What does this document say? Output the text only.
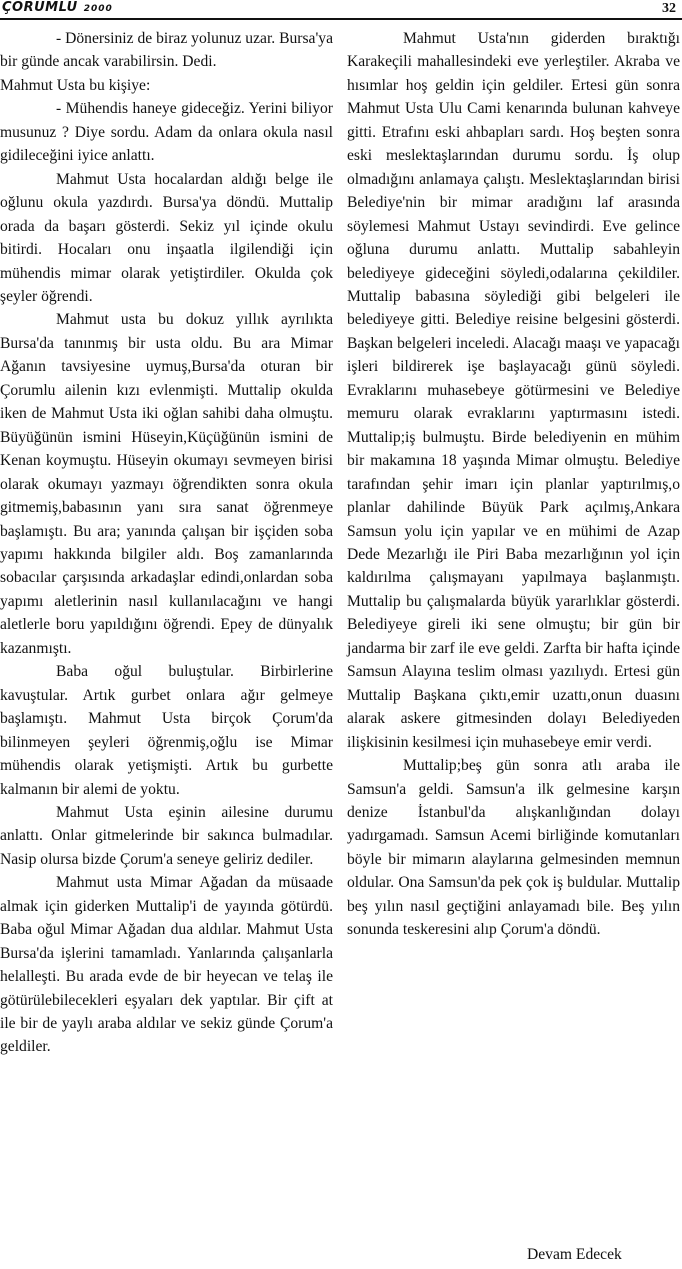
ÇORUMLU 2000	32

- Dönersiniz de biraz yolunuz uzar. Bursa'ya bir günde ancak varabilirsin. Dedi.

Mahmut Usta bu kişiye:

- Mühendis haneye gideceğiz. Yerini biliyor musunuz ? Diye sordu. Adam da onlara okula nasıl gidileceğini iyice anlattı.

Mahmut Usta hocalardan aldığı belge ile oğlunu okula yazdırdı. Bursa'ya döndü. Muttalip orada da başarı gösterdi. Sekiz yıl içinde okulu bitirdi. Hocaları onu inşaatla ilgilendiği için mühendis mimar olarak yetiştirdiler. Okulda çok şeyler öğrendi.

Mahmut usta bu dokuz yıllık ayrılıkta Bursa'da tanınmış bir usta oldu. Bu ara Mimar Ağanın tavsiyesine uymuş,Bursa'da oturan bir Çorumlu ailenin kızı evlenmişti. Muttalip okulda iken de Mahmut Usta iki oğlan sahibi daha olmuştu. Büyüğünün ismini Hüseyin,Küçüğünün ismini de Kenan koymuştu. Hüseyin okumayı sevmeyen birisi olarak okumayı yazmayı öğrendikten sonra okula gitmemiş,babasının yanı sıra sanat öğrenmeye başlamıştı. Bu ara; yanında çalışan bir işçiden soba yapımı hakkında bilgiler aldı. Boş zamanlarında sobacılar çarşısında arkadaşlar edindi,onlardan soba yapımı aletlerinin nasıl kullanılacağını ve hangi aletlerle boru yapıldığını öğrendi. Epey de dünyalık kazanmıştı.

Baba oğul buluştular. Birbirlerine kavuştular. Artık gurbet onlara ağır gelmeye başlamıştı. Mahmut Usta birçok Çorum'da bilinmeyen şeyleri öğrenmiş,oğlu ise Mimar mühendis olarak yetişmişti. Artık bu gurbette kalmanın bir alemi de yoktu.

Mahmut Usta eşinin ailesine durumu anlattı. Onlar gitmelerinde bir sakınca bulmadılar. Nasip olursa bizde Çorum'a seneye geliriz dediler.

Mahmut usta Mimar Ağadan da müsaade almak için giderken Muttalip'i de yayında götürdü. Baba oğul Mimar Ağadan dua aldılar. Mahmut Usta Bursa'da işlerini tamamladı. Yanlarında çalışanlarla helalleşti. Bu arada evde de bir heyecan ve telaş ile götürülebilecekleri eşyaları dek yaptılar. Bir çift at ile bir de yaylı araba aldılar ve sekiz günde Çorum'a geldiler.

Mahmut Usta'nın giderden bıraktığı Karakeçili mahallesindeki eve yerleştiler. Akraba ve hısımlar hoş geldin için geldiler. Ertesi gün sonra Mahmut Usta Ulu Cami kenarında bulunan kahveye gitti. Etrafını eski ahbapları sardı. Hoş beşten sonra eski meslektaşlarından durumu sordu. İş olup olmadığını anlamaya çalıştı. Meslektaşlarından birisi Belediye'nin bir mimar aradığını laf arasında söylemesi Mahmut Ustayı sevindirdi. Eve gelince oğluna durumu anlattı. Muttalip sabahleyin belediyeye gideceğini söyledi,odalarına çekildiler. Muttalip babasına söylediği gibi belgeleri ile belediyeye gitti. Belediye reisine belgesini gösterdi. Başkan belgeleri inceledi. Alacağı maaşı ve yapacağı işleri bildirerek işe başlayacağı günü söyledi. Evraklarını muhasebeye götürmesini ve Belediye memuru olarak evraklarını yaptırmasını istedi. Muttalip;iş bulmuştu. Birde belediyenin en mühim bir makamına 18 yaşında Mimar olmuştu. Belediye tarafından şehir imarı için planlar yaptırılmış,o planlar dahilinde Büyük Park açılmış,Ankara Samsun yolu için yapılar ve en mühimi de Azap Dede Mezarlığı ile Piri Baba mezarlığının yol için kaldırılma çalışmayanı yapılmaya başlanmıştı. Muttalip bu çalışmalarda büyük yararlıklar gösterdi. Belediyeye gireli iki sene olmuştu; bir gün bir jandarma bir zarf ile eve geldi. Zarfta bir hafta içinde Samsun Alayına teslim olması yazılıydı. Ertesi gün Muttalip Başkana çıktı,emir uzattı,onun duasını alarak askere gitmesinden dolayı Belediyeden ilişkisinin kesilmesi için muhasebeye emir verdi.

Muttalip;beş gün sonra atlı araba ile Samsun'a geldi. Samsun'a ilk gelmesine karşın denize İstanbul'da alışkanlığından dolayı yadırgamadı. Samsun Acemi birliğinde komutanları böyle bir mimarın alaylarına gelmesinden memnun oldular. Ona Samsun'da pek çok iş buldular. Muttalip beş yılın nasıl geçtiğini anlayamadı bile. Beş yılın sonunda teskeresini alıp Çorum'a döndü.

Devam Edecek
